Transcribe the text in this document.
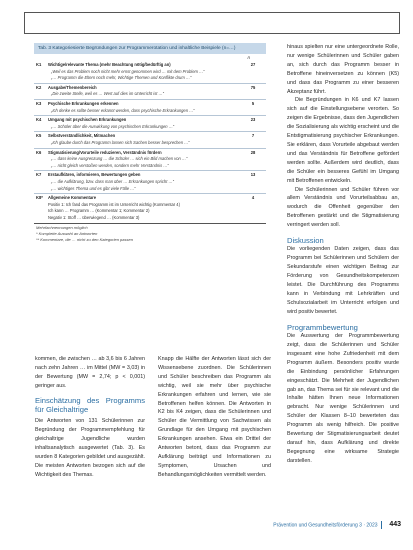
Tab. 3 Kategoriesierte Begründungen zur Programmerotation und inhaltliche Beispiele (n=…)
n
K1	Wichtige/relevante Thema (mehr Beachtung nötig/bedürftig an)	27
„Weil es das Problem noch nicht mehr ernst genommen wird … mit dem Problem …“
„… Programm die Eltern noch mehr, Wichtige Themen und Konflikte drum …“
K2	Ausgabe/Themenbereich	75
„Die zweite Stelle, weil es … Wert auf dies im Unterricht ist …“
K3	Psychische Erkrankungen erkennen	5
„Ich denke es sollte besser erkannt werden, dass psychische Erkrankungen …“
K4	Umgang mit psychischen Erkrankungen	23
„… Schüler über die Auswirkung von psychischen Erkrankungen …“
K5	Selbstverständlichkeit, Mitmachen	7
„Ich glaube durch das Programm lassen sich Sachen besser besprechen …“
K6	Stigmatisierung/Vorurteile reduzieren, Verständnis fördern	28
„… dass keine Ausgrenzung … die Schüler … sich ein Bild machen von …“
„… nicht gleich verstoßen werden, sondern mehr Verständnis …“
K7	Erstaufklären, informieren, Bewertungen geben	13
„… die Aufklärung, bzw. dass man über … Erkrankungen spricht …“
„… wichtiges Thema und es gibt viele Fälle …“
K8*	Allgemeine Kommentare	4
Positiv 1: Ich fand das Programm ist im Unterricht wichtig (Kommentar 4)
Ich kann … Programm … (Kommentar 1; Kommentar 2)
Negativ 1: Stoff … überwiegend … (Kommentar 3)
Mehrfachnennungen möglich
* Komplette Auswahl an Antworten
** Kommentare, die … nicht zu den Kategorien passen

hinaus spielten nur eine untergeordnete Rolle, nur wenige Schülerinnen und Schüler gaben an, sich durch das Programm besser in Betroffene hineinversetzen zu können (K5) und dass das Programm zu einer besseren Akzeptanz führt.

Die Begründungen in K6 und K7 lassen sich auf die Einstellungsebene verorten. So zeigen die Ergebnisse, dass den Jugendlichen die Sozialisierung als wichtig erscheint und die Entstigmatisierung psychischer Erkrankungen. Sie erklären, dass Vorurteile abgebaut werden und das Verständnis für Betroffene gefördert werden sollte. Außerdem wird deutlich, dass die Schüler ein besseres Gefühl im Umgang mit Betroffenen entwickeln.

Die Schülerinnen und Schüler führen vor allem Verständnis und Vorurteilsabbau an, wodurch die Offenheit gegenüber den Betroffenen gestärkt und die Stigmatisierung verringert werden soll.

Diskussion

Die vorliegenden Daten zeigen, dass das Programm bei Schülerinnen und Schülern der Sekundarstufe einen wichtigen Beitrag zur Förderung von Gesundheitskompetenzen leistet. Die Durchführung des Programms kann in Verbindung mit Lehrkräften und Schulsozialarbeit im Unterricht erfolgen und wird positiv bewertet.

Programmbewertung

Die Auswertung der Programmbewertung zeigt, dass die Schülerinnen und Schüler insgesamt eine hohe Zufriedenheit mit dem Programm äußern. Besonders positiv wurde die Einbindung persönlicher Erfahrungen eingeschätzt. Die Mehrheit der Jugendlichen gab an, das Thema sei für sie relevant und die Inhalte hätten Ihnen neue Informationen gebracht. Nur wenige Schülerinnen und Schüler der Klassen 8–10 bewerteten das Programm als wenig hilfreich. Die positive Bewertung der Stigmatisierungsarbeit deutet darauf hin, dass Aufklärung und direkte Begegnung eine wirksame Strategie darstellen.

kommen, die zwischen … ab 3,6 bis 6 Jahren nach zehn Jahren … im Mittel (MW = 3,03) in der Bewertung (MW = 2,74; p < 0,001) geringer aus.

Einschätzung des Programms für Gleichaltrige

Die Antworten von 131 Schülerinnen zur Begründung der Programmempfehlung für gleichaltrige Jugendliche wurden inhaltsanalytisch ausgewertet (Tab. 3). Es wurden 8 Kategorien gebildet und ausgezählt. Die meisten Antworten bezogen sich auf die Wichtigkeit des Themas.

Knapp die Hälfte der Antworten lässt sich der Wissensebene zuordnen. Die Schülerinnen und Schüler beschreiben das Programm als wichtig, weil sie mehr über psychische Erkrankungen erfahren und lernen, wie sie Betroffenen helfen können. Die Antworten in K2 bis K4 zeigen, dass die Schülerinnen und Schüler die Vermittlung von Sachwissen als Grundlage für den Umgang mit psychischen Erkrankungen ansehen. Etwa ein Drittel der Antworten betont, dass das Programm zur Aufklärung beiträgt und Informationen zu Symptomen, Ursachen und Behandlungsmöglichkeiten vermittelt werden.

Prävention und Gesundheitsförderung 3 · 2023 443
